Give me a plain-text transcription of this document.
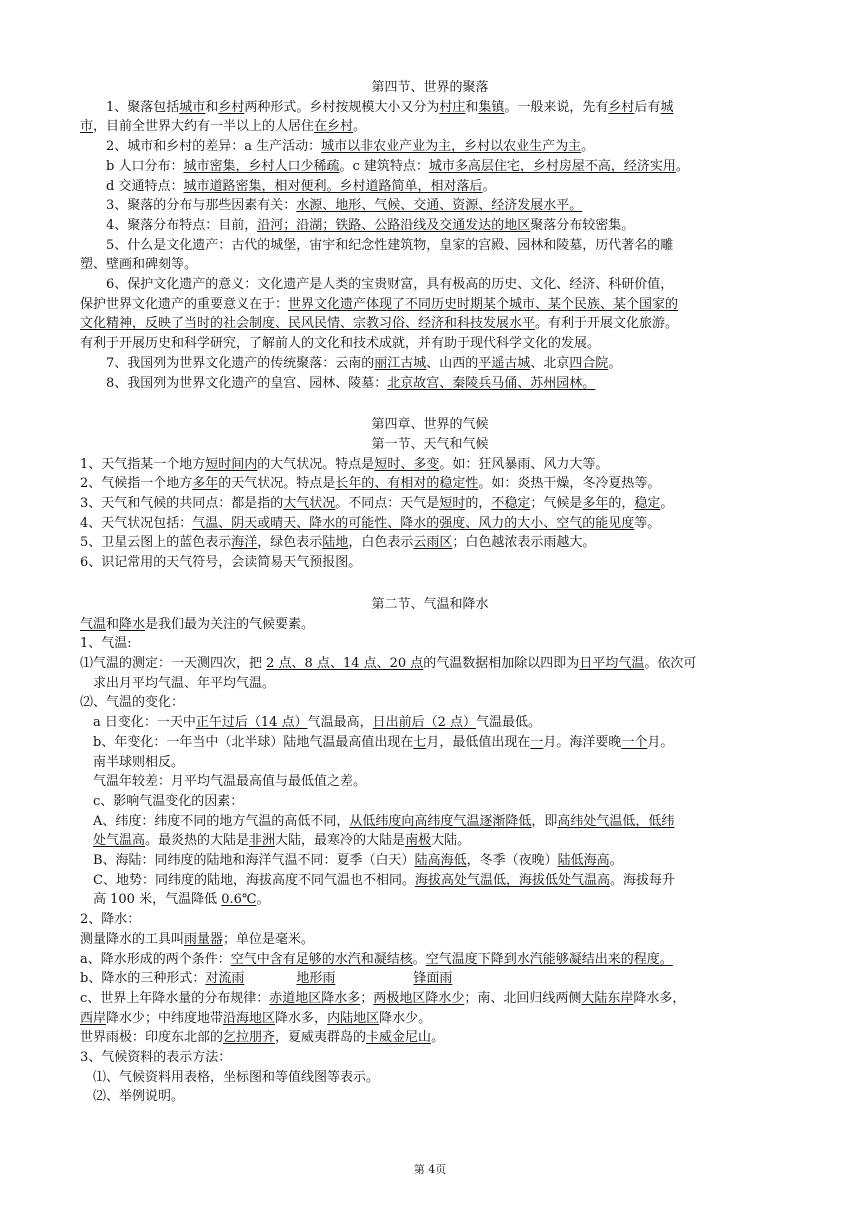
第四节、世界的聚落
1、聚落包括城市和乡村两种形式。乡村按规模大小又分为村庄和集镇。一般来说，先有乡村后有城
市，目前全世界大约有一半以上的人居住在乡村。
2、城市和乡村的差异：a 生产活动：城市以非农业产业为主，乡村以农业生产为主。
b 人口分布：城市密集，乡村人口少稀疏。c 建筑特点：城市多高层住宅，乡村房屋不高，经济实用。
d 交通特点：城市道路密集，相对便利。乡村道路简单，相对落后。
3、聚落的分布与那些因素有关：水源、地形、气候、交通、资源、经济发展水平。
4、聚落分布特点：目前，沿河；沿湖；铁路、公路沿线及交通发达的地区聚落分布较密集。
5、什么是文化遗产：古代的城堡，宙宇和纪念性建筑物，皇家的宫殿、园林和陵墓，历代著名的雕
塑、壁画和碑刻等。
6、保护文化遗产的意义：文化遗产是人类的宝贵财富，具有极高的历史、文化、经济、科研价值，
保护世界文化遗产的重要意义在于：世界文化遗产体现了不同历史时期某个城市、某个民族、某个国家的
文化精神，反映了当时的社会制度、民风民情、宗教习俗、经济和科技发展水平。有利于开展文化旅游。
有利于开展历史和科学研究，了解前人的文化和技术成就，并有助于现代科学文化的发展。
7、我国列为世界文化遗产的传统聚落：云南的丽江古城、山西的平遥古城、北京四合院。
8、我国列为世界文化遗产的皇宫、园林、陵墓：北京故宫、秦陵兵马俑、苏州园林。
第四章、世界的气候
第一节、天气和气候
1、天气指某一个地方短时间内的大气状况。特点是短时、多变。如：狂风暴雨、风力大等。
2、气候指一个地方多年的天气状况。特点是长年的、有相对的稳定性。如：炎热干燥，冬冷夏热等。
3、天气和气候的共同点：都是指的大气状况。不同点：天气是短时的，不稳定；气候是多年的，稳定。
4、天气状况包括：气温、阴天或晴天、降水的可能性、降水的强度、风力的大小、空气的能见度等。
5、卫星云图上的蓝色表示海洋，绿色表示陆地，白色表示云雨区；白色越浓表示雨越大。
6、识记常用的天气符号，会读简易天气预报图。
第二节、气温和降水
气温和降水是我们最为关注的气候要素。
1、气温:
⑴气温的测定：一天测四次，把 2 点、8 点、14 点、20 点的气温数据相加除以四即为日平均气温。依次可
求出月平均气温、年平均气温。
⑵、气温的变化：
a 日变化：一天中正午过后（14 点）气温最高，日出前后（2 点）气温最低。
b、年变化：一年当中（北半球）陆地气温最高值出现在七月，最低值出现在一月。海洋要晚一个月。
南半球则相反。
气温年较差：月平均气温最高值与最低值之差。
c、影响气温变化的因素：
A、纬度：纬度不同的地方气温的高低不同，从低纬度向高纬度气温逐渐降低，即高纬处气温低，低纬
处气温高。最炎热的大陆是非洲大陆，最寒冷的大陆是南极大陆。
B、海陆：同纬度的陆地和海洋气温不同：夏季（白天）陆高海低，冬季（夜晚）陆低海高。
C、地势：同纬度的陆地，海拔高度不同气温也不相同。海拔高处气温低，海拔低处气温高。海拔每升
高 100 米，气温降低 0.6℃。
2、降水：
测量降水的工具叫雨量器；单位是毫米。
a、降水形成的两个条件：空气中含有足够的水汽和凝结核。空气温度下降到水汽能够凝结出来的程度。
b、降水的三种形式：对流雨　　　　	地形雨　　　　　　	锋面雨
c、世界上年降水量的分布规律：赤道地区降水多；两极地区降水少；南、北回归线两侧大陆东岸降水多，
西岸降水少；中纬度地带沿海地区降水多，内陆地区降水少。
世界雨极：印度东北部的乞拉朋齐，夏威夷群岛的卡威金尼山。
3、气候资料的表示方法：
⑴、气候资料用表格，坐标图和等值线图等表示。
⑵、举例说明。
第 4页
